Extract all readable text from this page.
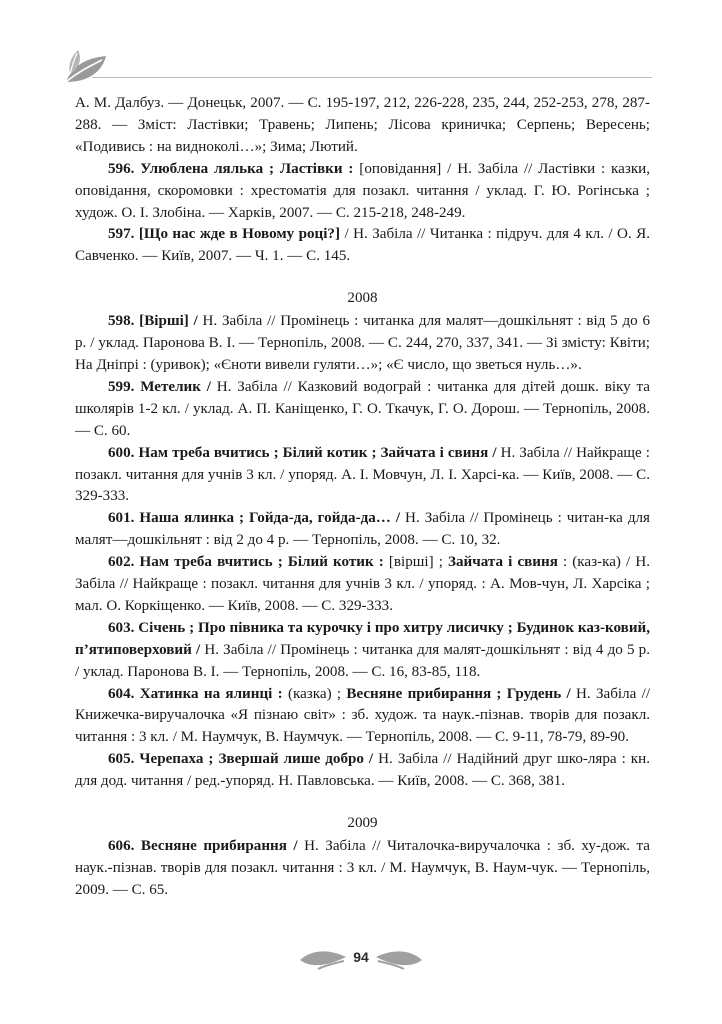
А. М. Далбуз. — Донецьк, 2007. — С. 195-197, 212, 226-228, 235, 244, 252-253, 278, 287-288. — Зміст: Ластівки; Травень; Липень; Лісова криничка; Серпень; Вересень; «Подивись : на видноколі…»; Зима; Лютий.

596. Улюблена лялька ; Ластівки : [оповідання] / Н. Забіла // Ластівки : казки, оповідання, скоромовки : хрестоматія для позакл. читання / уклад. Г. Ю. Рогінська ; худож. О. І. Злобіна. — Харків, 2007. — С. 215-218, 248-249.

597. [Що нас жде в Новому році?] / Н. Забіла // Читанка : підруч. для 4 кл. / О. Я. Савченко. — Київ, 2007. — Ч. 1. — С. 145.

2008

598. [Вірші] / Н. Забіла // Промінець : читанка для малят—дошкільнят : від 5 до 6 р. / уклад. Паронова В. І. — Тернопіль, 2008. — С. 244, 270, 337, 341. — Зі змісту: Квіти; На Дніпрі : (уривок); «Єноти вивели гуляти…»; «Є число, що зветься нуль…».

599. Метелик / Н. Забіла // Казковий водограй : читанка для дітей дошк. віку та школярів 1-2 кл. / уклад. А. П. Каніщенко, Г. О. Ткачук, Г. О. Дорош. — Тернопіль, 2008. — С. 60.

600. Нам треба вчитись ; Білий котик ; Зайчата і свиня / Н. Забіла // Найкраще : позакл. читання для учнів 3 кл. / упоряд. А. І. Мовчун, Л. І. Харсі-ка. — Київ, 2008. — С. 329-333.

601. Наша ялинка ; Гойда-да, гойда-да… / Н. Забіла // Промінець : читан-ка для малят—дошкільнят : від 2 до 4 р. — Тернопіль, 2008. — С. 10, 32.

602. Нам треба вчитись ; Білий котик : [вірші] ; Зайчата і свиня : (каз-ка) / Н. Забіла // Найкраще : позакл. читання для учнів 3 кл. / упоряд. : А. Мов-чун, Л. Харсіка ; мал. О. Коркіщенко. — Київ, 2008. — С. 329-333.

603. Січень ; Про півника та курочку і про хитру лисичку ; Будинок каз-ковий, п’ятиповерховий / Н. Забіла // Промінець : читанка для малят-дошкільнят : від 4 до 5 р. / уклад. Паронова В. І. — Тернопіль, 2008. — С. 16, 83-85, 118.

604. Хатинка на ялинці : (казка) ; Весняне прибирання ; Грудень / Н. Забіла // Книжечка-виручалочка «Я пізнаю світ» : зб. худож. та наук.-пізнав. творів для позакл. читання : 3 кл. / М. Наумчук, В. Наумчук. — Тернопіль, 2008. — С. 9-11, 78-79, 89-90.

605. Черепаха ; Звершай лише добро / Н. Забіла // Надійний друг шко-ляра : кн. для дод. читання / ред.-упоряд. Н. Павловська. — Київ, 2008. — С. 368, 381.

2009

606. Весняне прибирання / Н. Забіла // Читалочка-виручалочка : зб. ху-дож. та наук.-пізнав. творів для позакл. читання : 3 кл. / М. Наумчук, В. Наум-чук. — Тернопіль, 2009. — С. 65.

94
